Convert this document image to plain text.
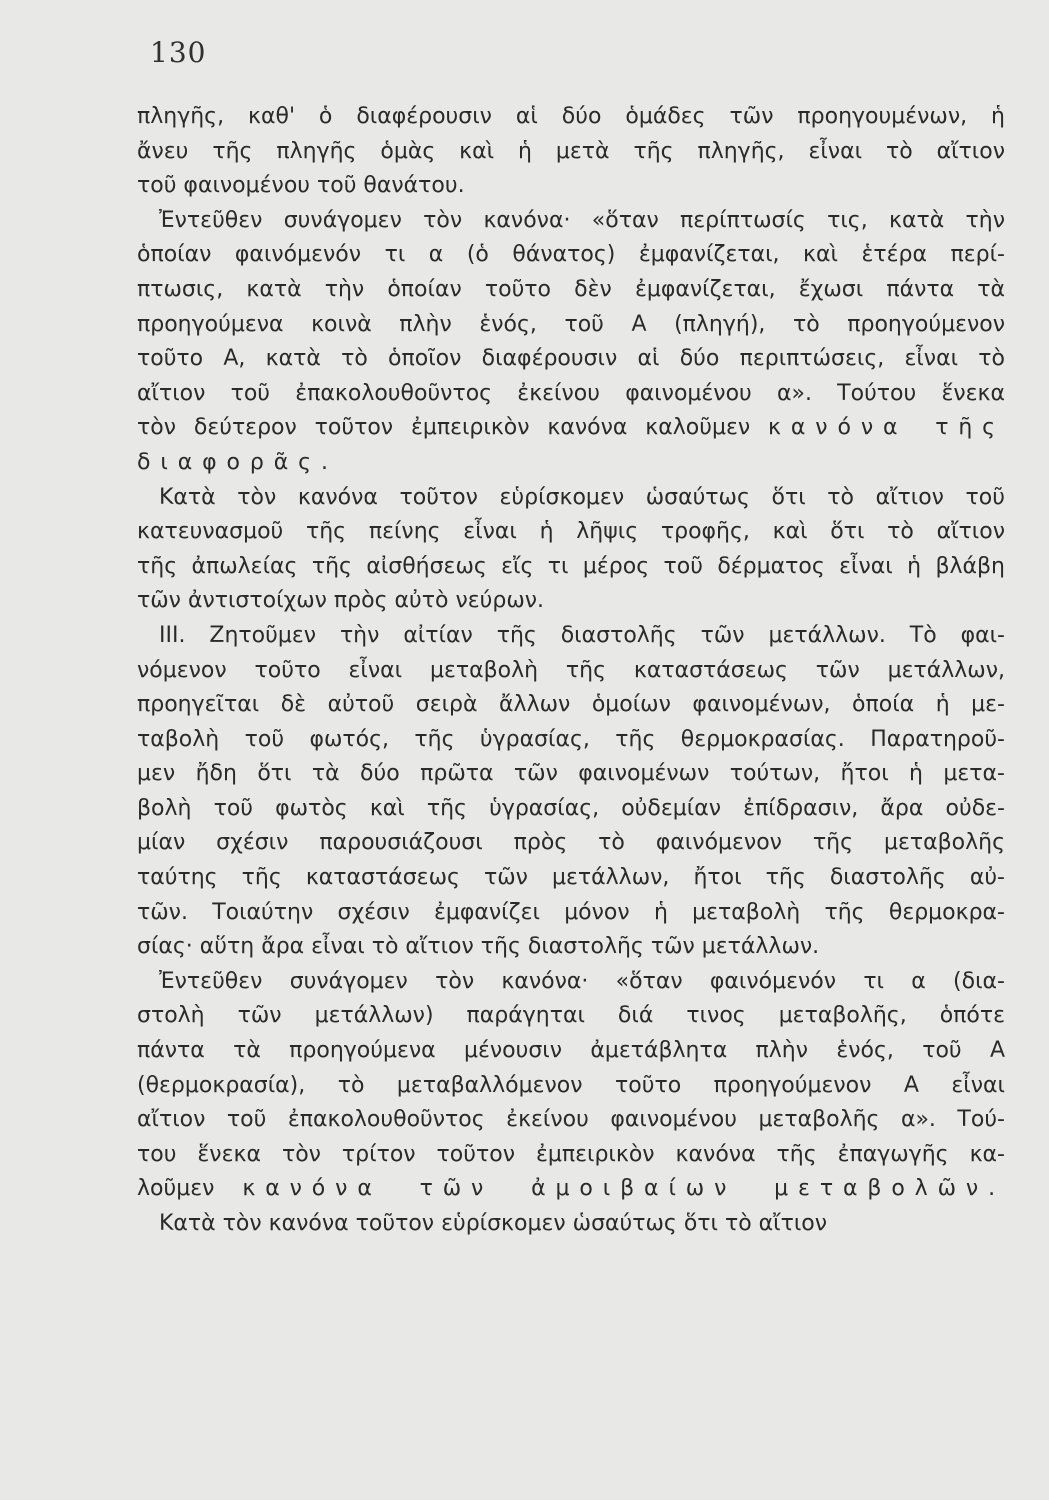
130
πληγῆς, καθ' ὁ διαφέρουσιν αἱ δύο ὁμάδες τῶν προηγουμένων, ἡ
ἄνευ τῆς πληγῆς ὁμὰς καὶ ἡ μετὰ τῆς πληγῆς, εἶναι τὸ αἴτιον
τοῦ φαινομένου τοῦ θανάτου.
Ἐντεῦθεν συνάγομεν τὸν κανόνα· «ὅταν περίπτωσίς τις, κατὰ τὴν
ὁποίαν φαινόμενόν τι α (ὁ θάνατος) ἐμφανίζεται, καὶ ἑτέρα περί-
πτωσις, κατὰ τὴν ὁποίαν τοῦτο δὲν ἐμφανίζεται, ἔχωσι πάντα τὰ
προηγούμενα κοινὰ πλὴν ἑνός, τοῦ Α (πληγή), τὸ προηγούμενον
τοῦτο Α, κατὰ τὸ ὁποῖον διαφέρουσιν αἱ δύο περιπτώσεις, εἶναι τὸ
αἴτιον τοῦ ἐπακολουθοῦντος ἐκείνου φαινομένου α». Τούτου ἕνεκα
τὸν δεύτερον τοῦτον ἐμπειρικὸν κανόνα καλοῦμεν κανόνα τῆς
διαφορᾶς.
Κατὰ τὸν κανόνα τοῦτον εὑρίσκομεν ὡσαύτως ὅτι τὸ αἴτιον τοῦ
κατευνασμοῦ τῆς πείνης εἶναι ἡ λῆψις τροφῆς, καὶ ὅτι τὸ αἴτιον
τῆς ἀπωλείας τῆς αἰσθήσεως εἴς τι μέρος τοῦ δέρματος εἶναι ἡ βλάβη
τῶν ἀντιστοίχων πρὸς αὐτὸ νεύρων.
III. Ζητοῦμεν τὴν αἰτίαν τῆς διαστολῆς τῶν μετάλλων. Τὸ φαι-
νόμενον τοῦτο εἶναι μεταβολὴ τῆς καταστάσεως τῶν μετάλλων,
προηγεῖται δὲ αὐτοῦ σειρὰ ἄλλων ὁμοίων φαινομένων, ὁποία ἡ με-
ταβολὴ τοῦ φωτός, τῆς ὑγρασίας, τῆς θερμοκρασίας. Παρατηροῦ-
μεν ἤδη ὅτι τὰ δύο πρῶτα τῶν φαινομένων τούτων, ἤτοι ἡ μετα-
βολὴ τοῦ φωτὸς καὶ τῆς ὑγρασίας, οὐδεμίαν ἐπίδρασιν, ἄρα οὐδε-
μίαν σχέσιν παρουσιάζουσι πρὸς τὸ φαινόμενον τῆς μεταβολῆς
ταύτης τῆς καταστάσεως τῶν μετάλλων, ἤτοι τῆς διαστολῆς αὐ-
τῶν. Τοιαύτην σχέσιν ἐμφανίζει μόνον ἡ μεταβολὴ τῆς θερμοκρα-
σίας· αὕτη ἄρα εἶναι τὸ αἴτιον τῆς διαστολῆς τῶν μετάλλων.
Ἐντεῦθεν συνάγομεν τὸν κανόνα· «ὅταν φαινόμενόν τι α (δια-
στολὴ τῶν μετάλλων) παράγηται διά τινος μεταβολῆς, ὁπότε
πάντα τὰ προηγούμενα μένουσιν ἀμετάβλητα πλὴν ἑνός, τοῦ Α
(θερμοκρασία), τὸ μεταβαλλόμενον τοῦτο προηγούμενον Α εἶναι
αἴτιον τοῦ ἐπακολουθοῦντος ἐκείνου φαινομένου μεταβολῆς α». Τού-
του ἕνεκα τὸν τρίτον τοῦτον ἐμπειρικὸν κανόνα τῆς ἐπαγωγῆς κα-
λοῦμεν κανόνα τῶν ἀμοιβαίων μεταβολῶν.
Κατὰ τὸν κανόνα τοῦτον εὑρίσκομεν ὡσαύτως ὅτι τὸ αἴτιον
